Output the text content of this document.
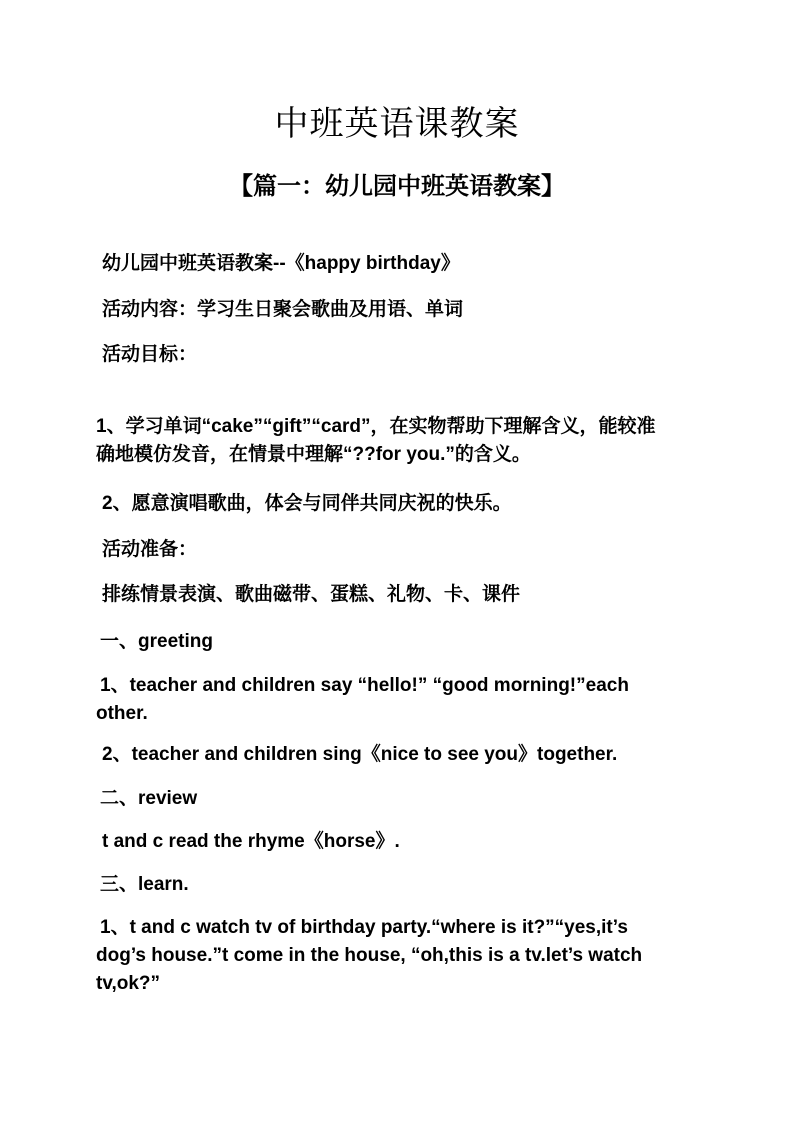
中班英语课教案
【篇一：幼儿园中班英语教案】

幼儿园中班英语教案--《happy birthday》

活动内容：学习生日聚会歌曲及用语、单词

活动目标：

1、学习单词“cake”“gift”“card”，在实物帮助下理解含义，能较准
确地模仿发音，在情景中理解“??for you.”的含义。

2、愿意演唱歌曲，体会与同伴共同庆祝的快乐。

活动准备：

排练情景表演、歌曲磁带、蛋糕、礼物、卡、课件

一、greeting

1、teacher and children say “hello!” “good morning!”each
other.

2、teacher and children sing《nice to see you》together.

二、review

t and c read the rhyme《horse》.

三、learn.

1、t and c watch tv of birthday party.“where is it?”“yes,it’s
dog’s house.”t come in the house, “oh,this is a tv.let’s watch
tv,ok?”
